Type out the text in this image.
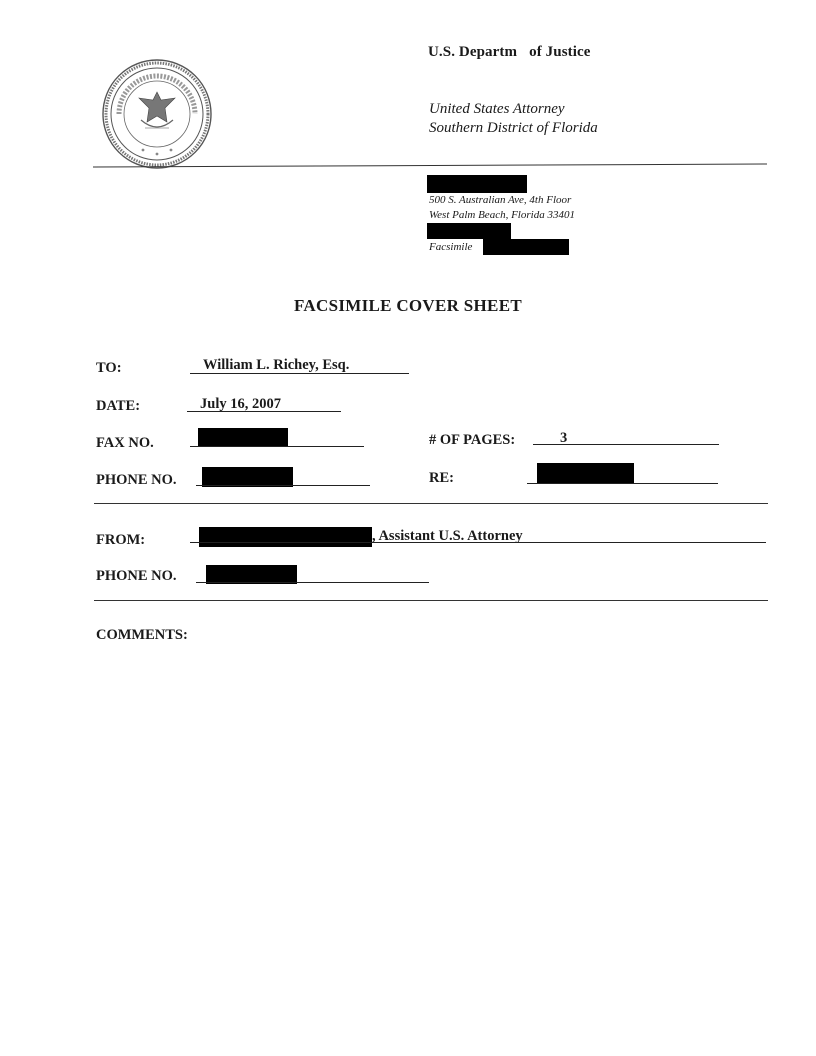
U.S. Departm of Justice
United States Attorney
Southern District of Florida
500 S. Australian Ave, 4th Floor
West Palm Beach, Florida 33401
Facsimile
FACSIMILE COVER SHEET
TO:	William L. Richey, Esq.
DATE:	July 16, 2007
FAX NO.	# OF PAGES:	3
PHONE NO.	RE:
FROM:	, Assistant U.S. Attorney
PHONE NO.
COMMENTS:
